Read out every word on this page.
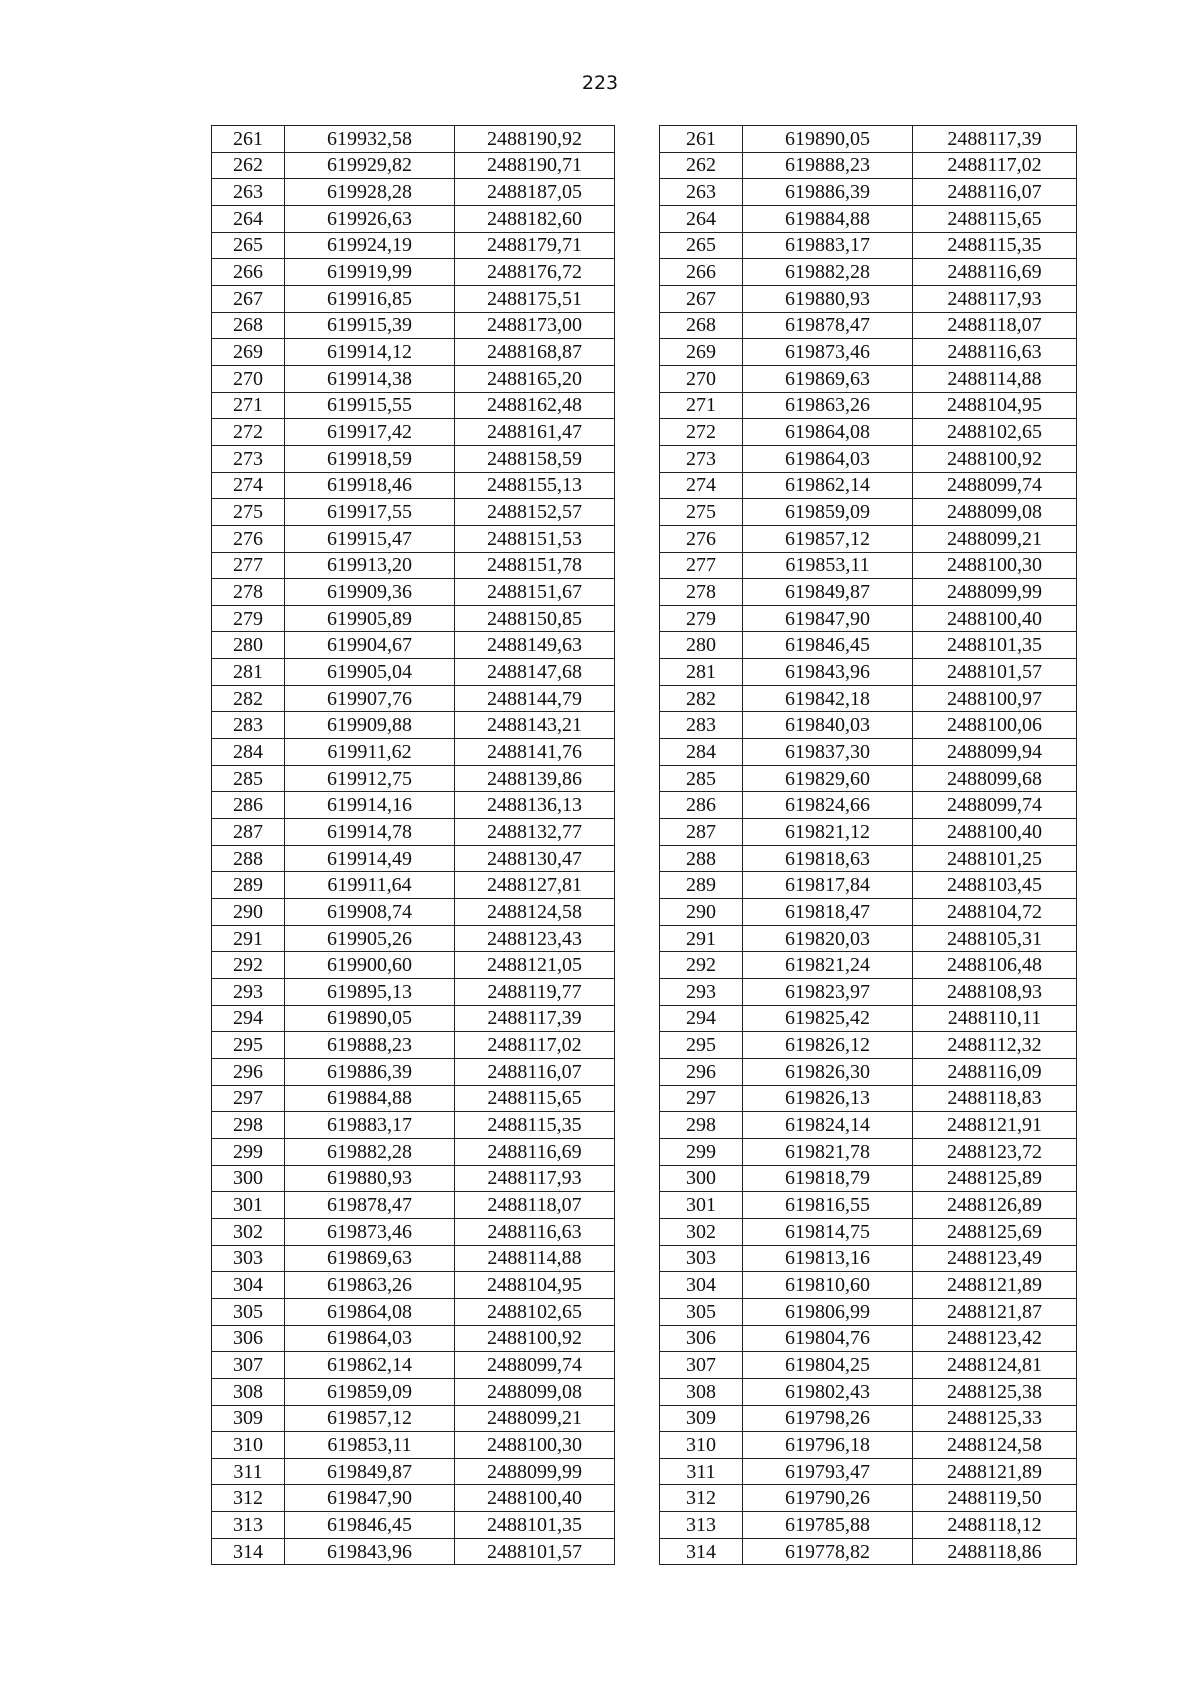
223
261	619932,58	2488190,92		261	619890,05	2488117,39
262	619929,82	2488190,71		262	619888,23	2488117,02
263	619928,28	2488187,05		263	619886,39	2488116,07
264	619926,63	2488182,60		264	619884,88	2488115,65
265	619924,19	2488179,71		265	619883,17	2488115,35
266	619919,99	2488176,72		266	619882,28	2488116,69
267	619916,85	2488175,51		267	619880,93	2488117,93
268	619915,39	2488173,00		268	619878,47	2488118,07
269	619914,12	2488168,87		269	619873,46	2488116,63
270	619914,38	2488165,20		270	619869,63	2488114,88
271	619915,55	2488162,48		271	619863,26	2488104,95
272	619917,42	2488161,47		272	619864,08	2488102,65
273	619918,59	2488158,59		273	619864,03	2488100,92
274	619918,46	2488155,13		274	619862,14	2488099,74
275	619917,55	2488152,57		275	619859,09	2488099,08
276	619915,47	2488151,53		276	619857,12	2488099,21
277	619913,20	2488151,78		277	619853,11	2488100,30
278	619909,36	2488151,67		278	619849,87	2488099,99
279	619905,89	2488150,85		279	619847,90	2488100,40
280	619904,67	2488149,63		280	619846,45	2488101,35
281	619905,04	2488147,68		281	619843,96	2488101,57
282	619907,76	2488144,79		282	619842,18	2488100,97
283	619909,88	2488143,21		283	619840,03	2488100,06
284	619911,62	2488141,76		284	619837,30	2488099,94
285	619912,75	2488139,86		285	619829,60	2488099,68
286	619914,16	2488136,13		286	619824,66	2488099,74
287	619914,78	2488132,77		287	619821,12	2488100,40
288	619914,49	2488130,47		288	619818,63	2488101,25
289	619911,64	2488127,81		289	619817,84	2488103,45
290	619908,74	2488124,58		290	619818,47	2488104,72
291	619905,26	2488123,43		291	619820,03	2488105,31
292	619900,60	2488121,05		292	619821,24	2488106,48
293	619895,13	2488119,77		293	619823,97	2488108,93
294	619890,05	2488117,39		294	619825,42	2488110,11
295	619888,23	2488117,02		295	619826,12	2488112,32
296	619886,39	2488116,07		296	619826,30	2488116,09
297	619884,88	2488115,65		297	619826,13	2488118,83
298	619883,17	2488115,35		298	619824,14	2488121,91
299	619882,28	2488116,69		299	619821,78	2488123,72
300	619880,93	2488117,93		300	619818,79	2488125,89
301	619878,47	2488118,07		301	619816,55	2488126,89
302	619873,46	2488116,63		302	619814,75	2488125,69
303	619869,63	2488114,88		303	619813,16	2488123,49
304	619863,26	2488104,95		304	619810,60	2488121,89
305	619864,08	2488102,65		305	619806,99	2488121,87
306	619864,03	2488100,92		306	619804,76	2488123,42
307	619862,14	2488099,74		307	619804,25	2488124,81
308	619859,09	2488099,08		308	619802,43	2488125,38
309	619857,12	2488099,21		309	619798,26	2488125,33
310	619853,11	2488100,30		310	619796,18	2488124,58
311	619849,87	2488099,99		311	619793,47	2488121,89
312	619847,90	2488100,40		312	619790,26	2488119,50
313	619846,45	2488101,35		313	619785,88	2488118,12
314	619843,96	2488101,57		314	619778,82	2488118,86
